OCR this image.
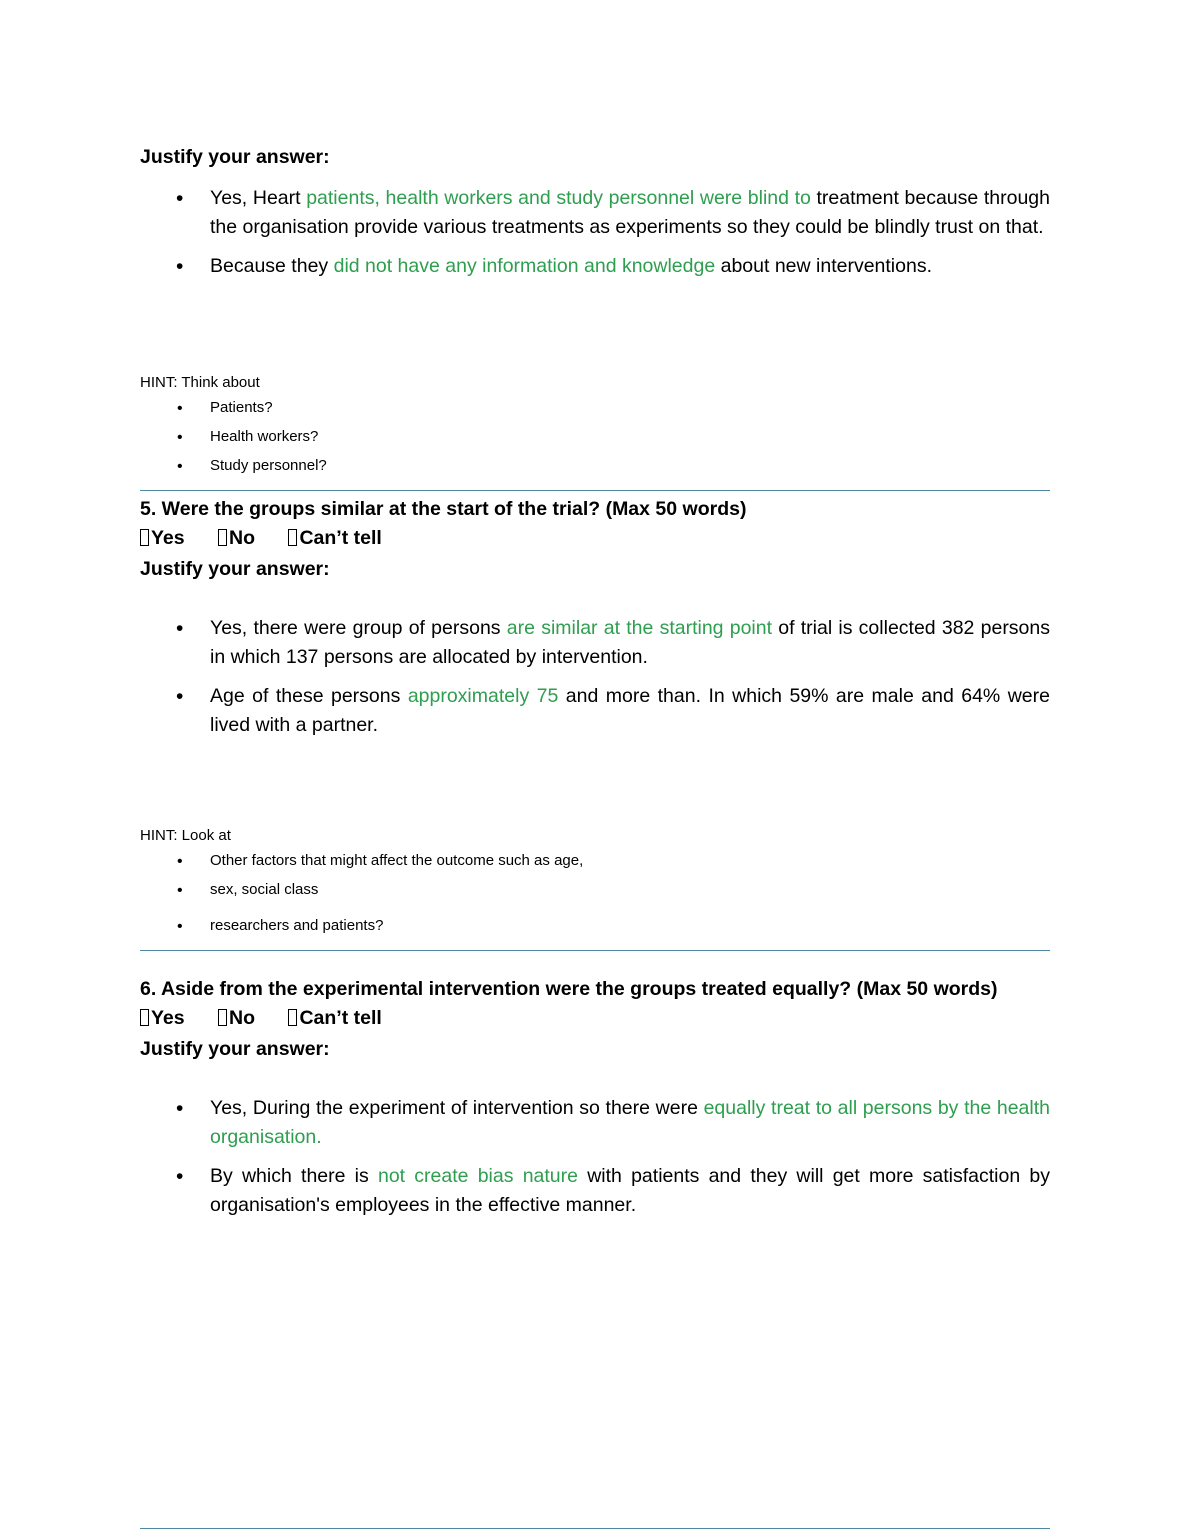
Justify your answer:

• Yes, Heart patients, health workers and study personnel were blind to treatment because through the organisation provide various treatments as experiments so they could be blindly trust on that.
• Because they did not have any information and knowledge about new interventions.

HINT: Think about

• Patients?
• Health workers?
• Study personnel?

5. Were the groups similar at the start of the trial? (Max 50 words)

Yes No Can’t tell

Justify your answer:

• Yes, there were group of persons are similar at the starting point of trial is collected 382 persons in which 137 persons are allocated by intervention.
• Age of these persons approximately 75 and more than. In which 59% are male and 64% were lived with a partner.

HINT: Look at

• Other factors that might affect the outcome such as age,
• sex, social class
• researchers and patients?

6. Aside from the experimental intervention were the groups treated equally? (Max 50 words)

Yes No Can’t tell

Justify your answer:

• Yes, During the experiment of intervention so there were equally treat to all persons by the health organisation.
• By which there is not create bias nature with patients and they will get more satisfaction by organisation's employees in the effective manner.
